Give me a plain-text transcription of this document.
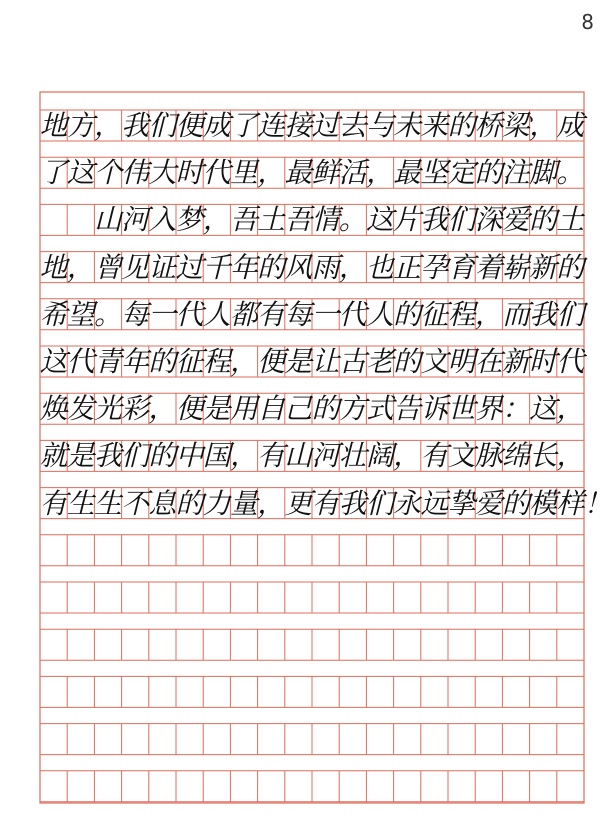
8
地 方 ， 我 们 便 成 了 连 接 过 去 与 未 来 的 桥 梁 ， 成
了 这 个 伟 大 时 代 里 ， 最 鲜 活 ， 最 坚 定 的 注 脚 。

山 河 入 梦 ， 吾 土 吾 情 。 这 片 我 们 深 爱 的 土
地 ， 曾 见 证 过 千 年 的 风 雨 ， 也 正 孕 育 着 崭 新 的
希 望 。 每 一 代 人 都 有 每 一 代 人 的 征 程 ， 而 我 们
这 代 青 年 的 征 程 ， 便 是 让 古 老 的 文 明 在 新 时 代
焕 发 光 彩 ， 便 是 用 自 己 的 方 式 告 诉 世 界 ： 这 ，
就 是 我 们 的 中 国 ， 有 山 河 壮 阔 ， 有 文 脉 绵 长 ，
有 生 生 不 息 的 力 量 ， 更 有 我 们 永 远 挚 爱 的 模 样 ！
